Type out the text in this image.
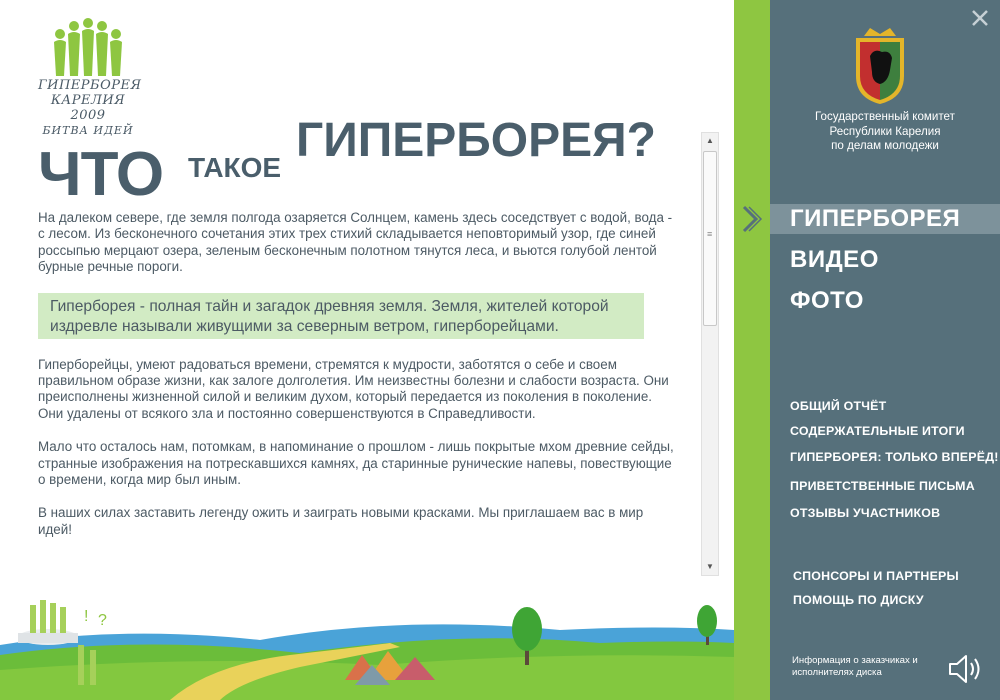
ГИПЕРБОРЕЯ
КАРЕЛИЯ 2009
БИТВА ИДЕЙ
ЧТО ТАКОЕ
ГИПЕРБОРЕЯ?

На далеком севере, где земля полгода озаряется Солнцем, камень здесь соседствует с водой, вода - с лесом. Из бесконечного сочетания этих трех стихий складывается неповторимый узор, где синей россыпью мерцают озера, зеленым бесконечным полотном тянутся леса, и вьются голубой лентой бурные речные пороги.

Гиперборея - полная тайн и загадок древняя земля. Земля, жителей которой издревле называли живущими за северным ветром, гиперборейцами.

Гиперборейцы, умеют радоваться времени, стремятся к мудрости, заботятся о себе и своем правильном образе жизни, как залоге долголетия. Им неизвестны болезни и слабости возраста. Они преисполнены жизненной силой и великим духом, который передается из поколения в поколение. Они удалены от всякого зла и постоянно совершенствуются в Справедливости.

Мало что осталось нам, потомкам, в напоминание о прошлом - лишь покрытые мхом древние сейды, странные изображения на потрескавшихся камнях, да старинные рунические напевы, повествующие о времени, когда мир был иным.

В наших силах заставить легенду ожить и заиграть новыми красками. Мы приглашаем вас в мир идей!

▲
≡
▼
! ?
Государственный комитет
Республики Карелия
по делам молодежи
ГИПЕРБОРЕЯ
ВИДЕО
ФОТО
ОБЩИЙ ОТЧЁТ
СОДЕРЖАТЕЛЬНЫЕ ИТОГИ
ГИПЕРБОРЕЯ: ТОЛЬКО ВПЕРЁД!
ПРИВЕТСТВЕННЫЕ ПИСЬМА
ОТЗЫВЫ УЧАСТНИКОВ
СПОНСОРЫ И ПАРТНЕРЫ
ПОМОЩЬ ПО ДИСКУ
Информация о заказчиках и исполнителях диска
